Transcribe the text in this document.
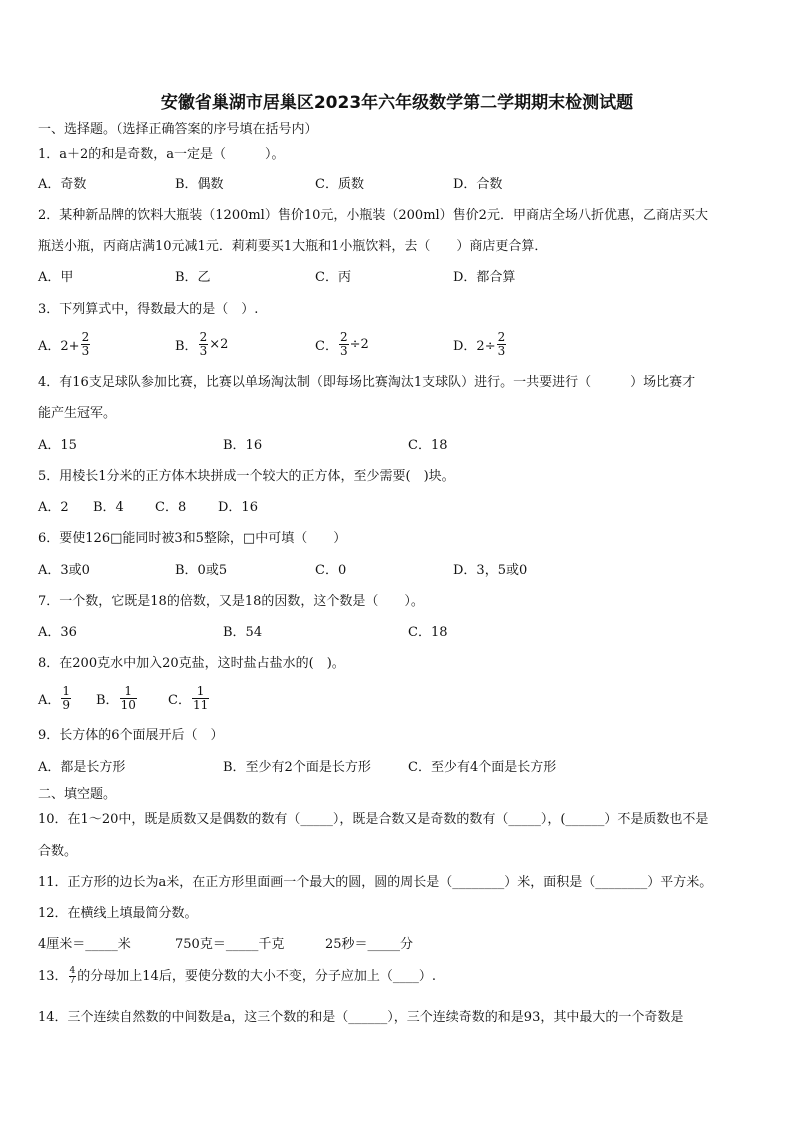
安徽省巢湖市居巢区2023年六年级数学第二学期期末检测试题
一、选择题。（选择正确答案的序号填在括号内）
1．a＋2的和是奇数，a一定是（　　　）。
A．奇数	B．偶数	C．质数	D．合数
2．某种新品牌的饮料大瓶装（1200ml）售价10元，小瓶装（200ml）售价2元．甲商店全场八折优惠，乙商店买大
瓶送小瓶，丙商店满10元减1元．莉莉要买1大瓶和1小瓶饮料，去（　　）商店更合算．
A．甲	B．乙	C．丙	D．都合算
3．下列算式中，得数最大的是（　）.
A．$2+ \frac{2}{3}$	B． $\frac{2}{3} \times 2$	C． $\frac{2}{3} \div 2$	D．$2\div \frac{2}{3}$
4．有16支足球队参加比赛，比赛以单场淘汰制（即每场比赛淘汰1支球队）进行。一共要进行（　　　）场比赛才
能产生冠军。
A．15	B．16	C．18
5．用棱长1分米的正方体木块拼成一个较大的正方体，至少需要(　)块。
A．2 B．4 C．8 D．16
6．要使126□能同时被3和5整除，□中可填（　　）
A．3或0	B．0或5	C．0	D．3，5或0
7．一个数，它既是18的倍数，又是18的因数，这个数是（　　）。
A．36	B．54	C．18
8．在200克水中加入20克盐，这时盐占盐水的(　)。
A． $\frac{1}{9}$ B． $\frac{1}{10}$ C． $\frac{1}{11}$
9．长方体的6个面展开后（　）
A．都是长方形	B．至少有2个面是长方形	C．至少有4个面是长方形
二、填空题。
10．在1～20中，既是质数又是偶数的数有（_____），既是合数又是奇数的数有（_____），(______）不是质数也不是
合数。
11．正方形的边长为a米，在正方形里面画一个最大的圆，圆的周长是（________）米，面积是（________）平方米。
12．在横线上填最简分数。
4厘米＝_____米	750克＝_____千克	25秒＝_____分
13． $\frac{4}{7}$ 的分母加上14后，要使分数的大小不变，分子应加上（____）.
14．三个连续自然数的中间数是a，这三个数的和是（______），三个连续奇数的和是93，其中最大的一个奇数是
